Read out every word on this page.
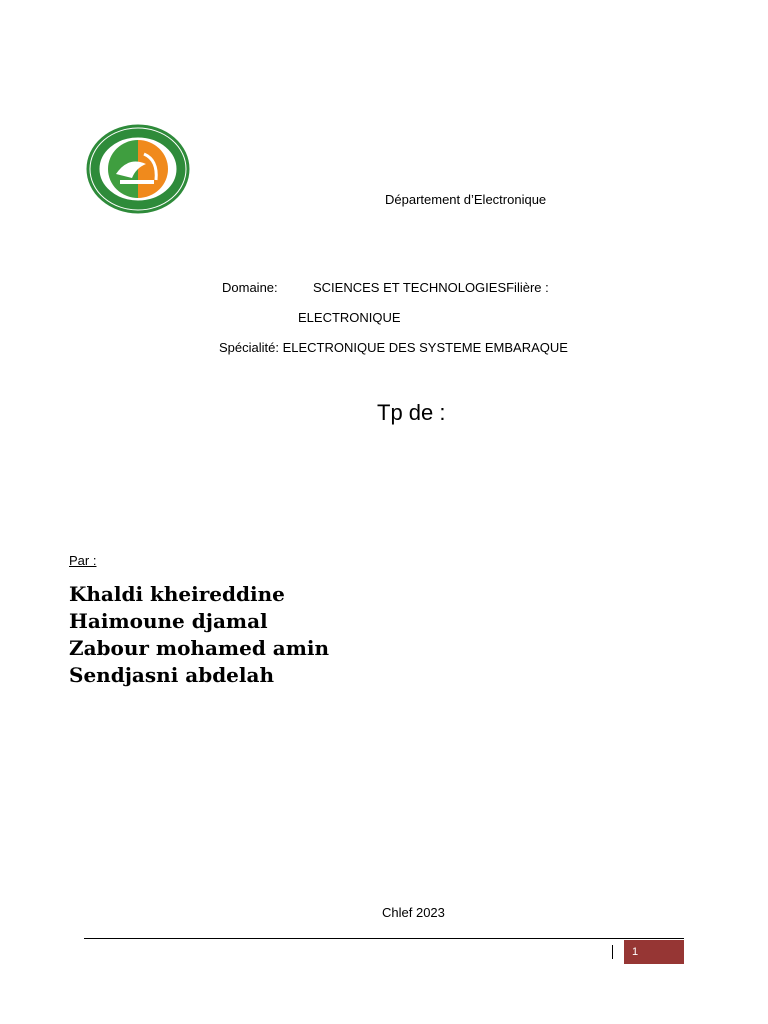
Département d’Electronique
Domaine:	SCIENCES ET TECHNOLOGIESFilière :
ELECTRONIQUE
Spécialité: ELECTRONIQUE DES SYSTEME EMBARAQUE
Tp de :
Par :
Khaldi kheireddine
Haimoune djamal
Zabour mohamed amin
Sendjasni abdelah
Chlef 2023
1
